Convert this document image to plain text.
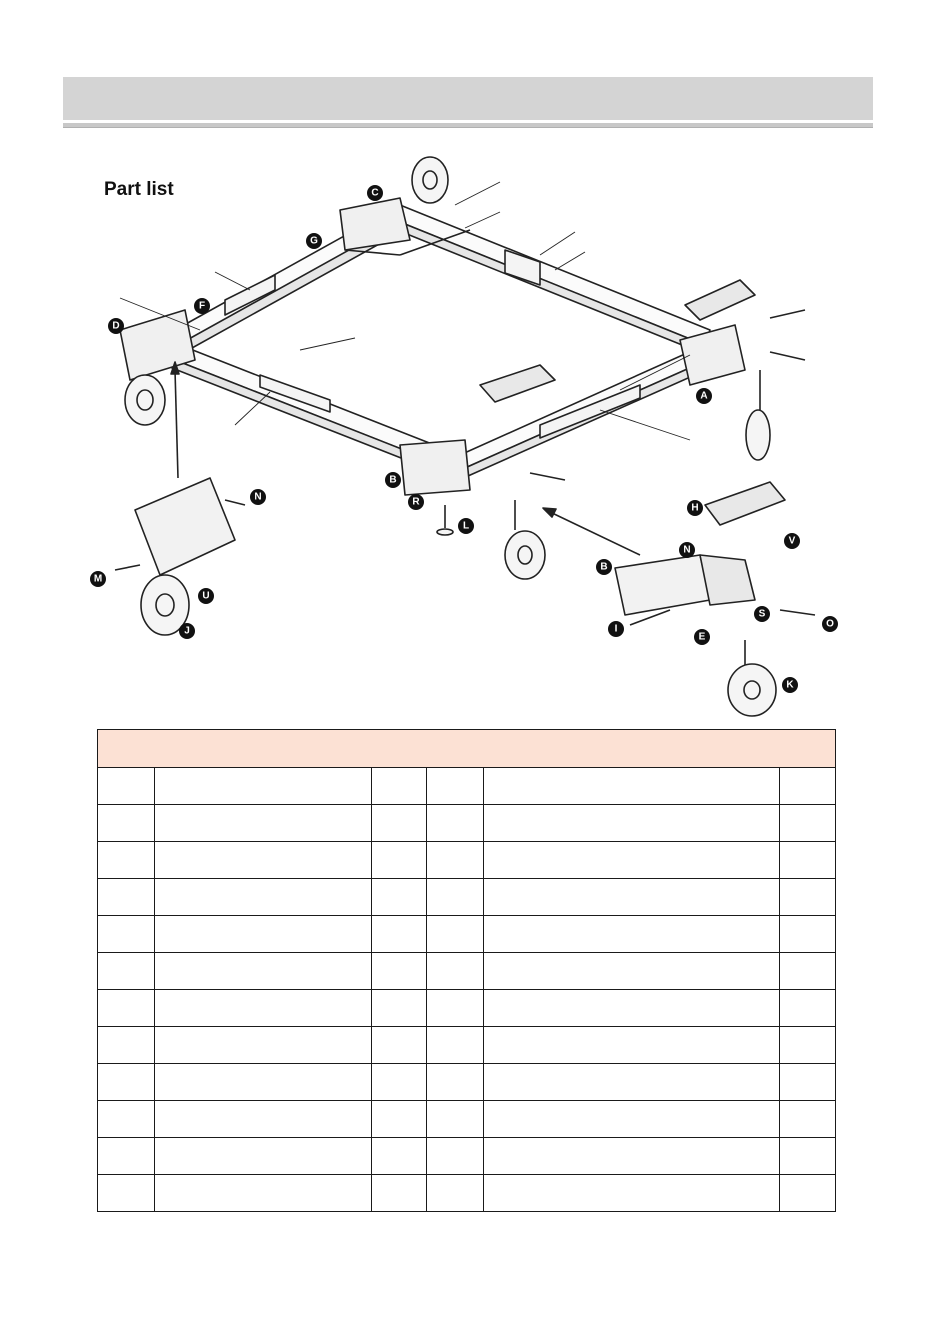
Part list
A
B
B
C
D
E
F
G
H
I
J
K
L
M
N
N
O
R
S
U
V
